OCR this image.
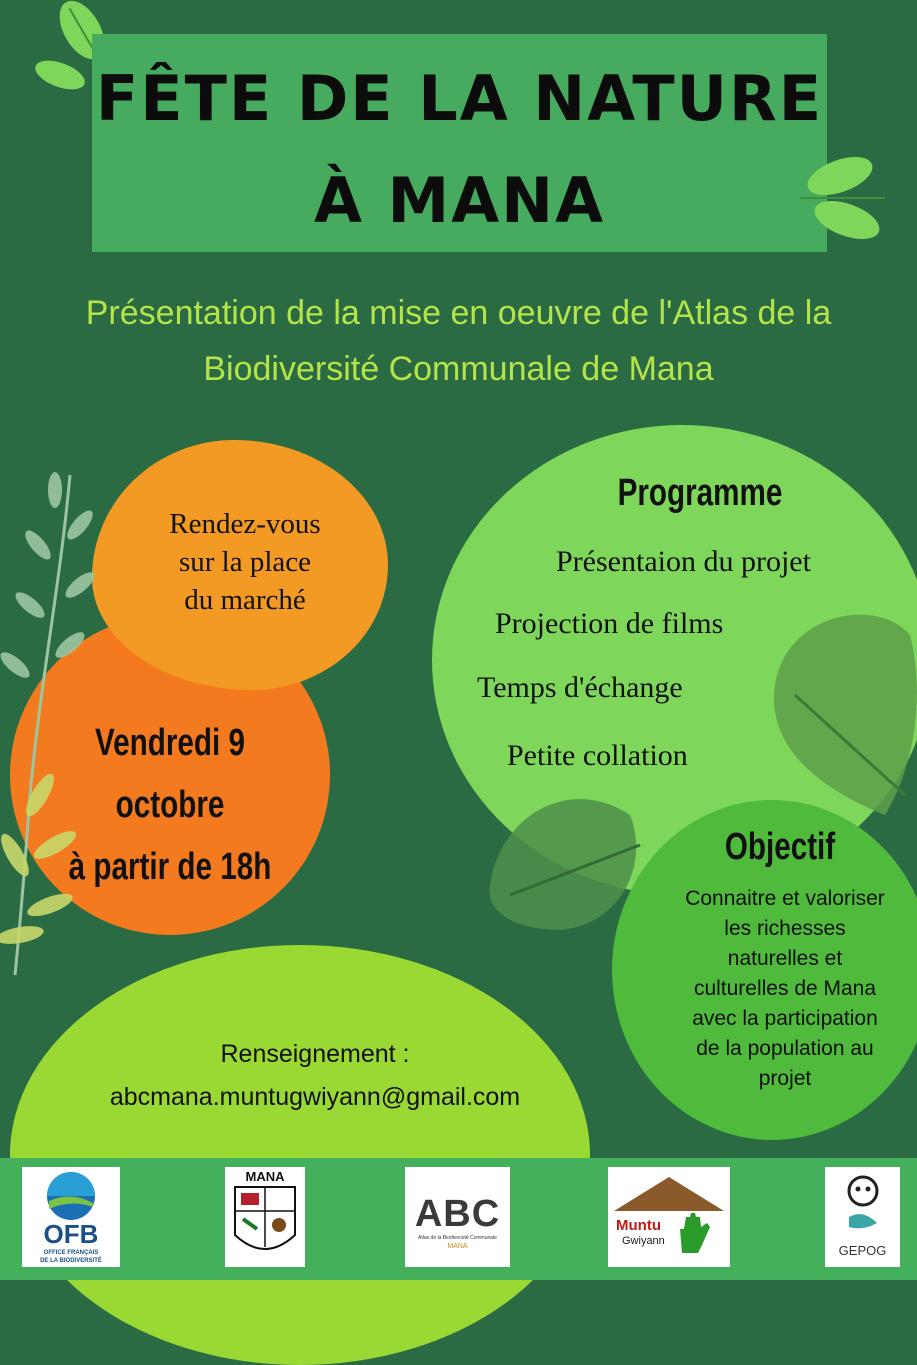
FÊTE DE LA NATURE
À MANA
Présentation de la mise en oeuvre de l'Atlas de la
Biodiversité Communale de Mana
Rendez-vous
sur la place
du marché
Vendredi 9 octobre
à partir de 18h
Programme
Présentaion du projet
Projection de films
Temps d'échange
Petite collation
Objectif
Connaitre et valoriser
les richesses
naturelles et
culturelles de Mana
avec la participation
de la population au
projet
Renseignement :
abcmana.muntugwiyann@gmail.com
OFB
OFFICE FRANÇAIS
DE LA BIODIVERSITÉ
MANA
ABC
Atlas de la Biodiversité Communale
MANA
Muntu
Gwiyann
GEPOG
